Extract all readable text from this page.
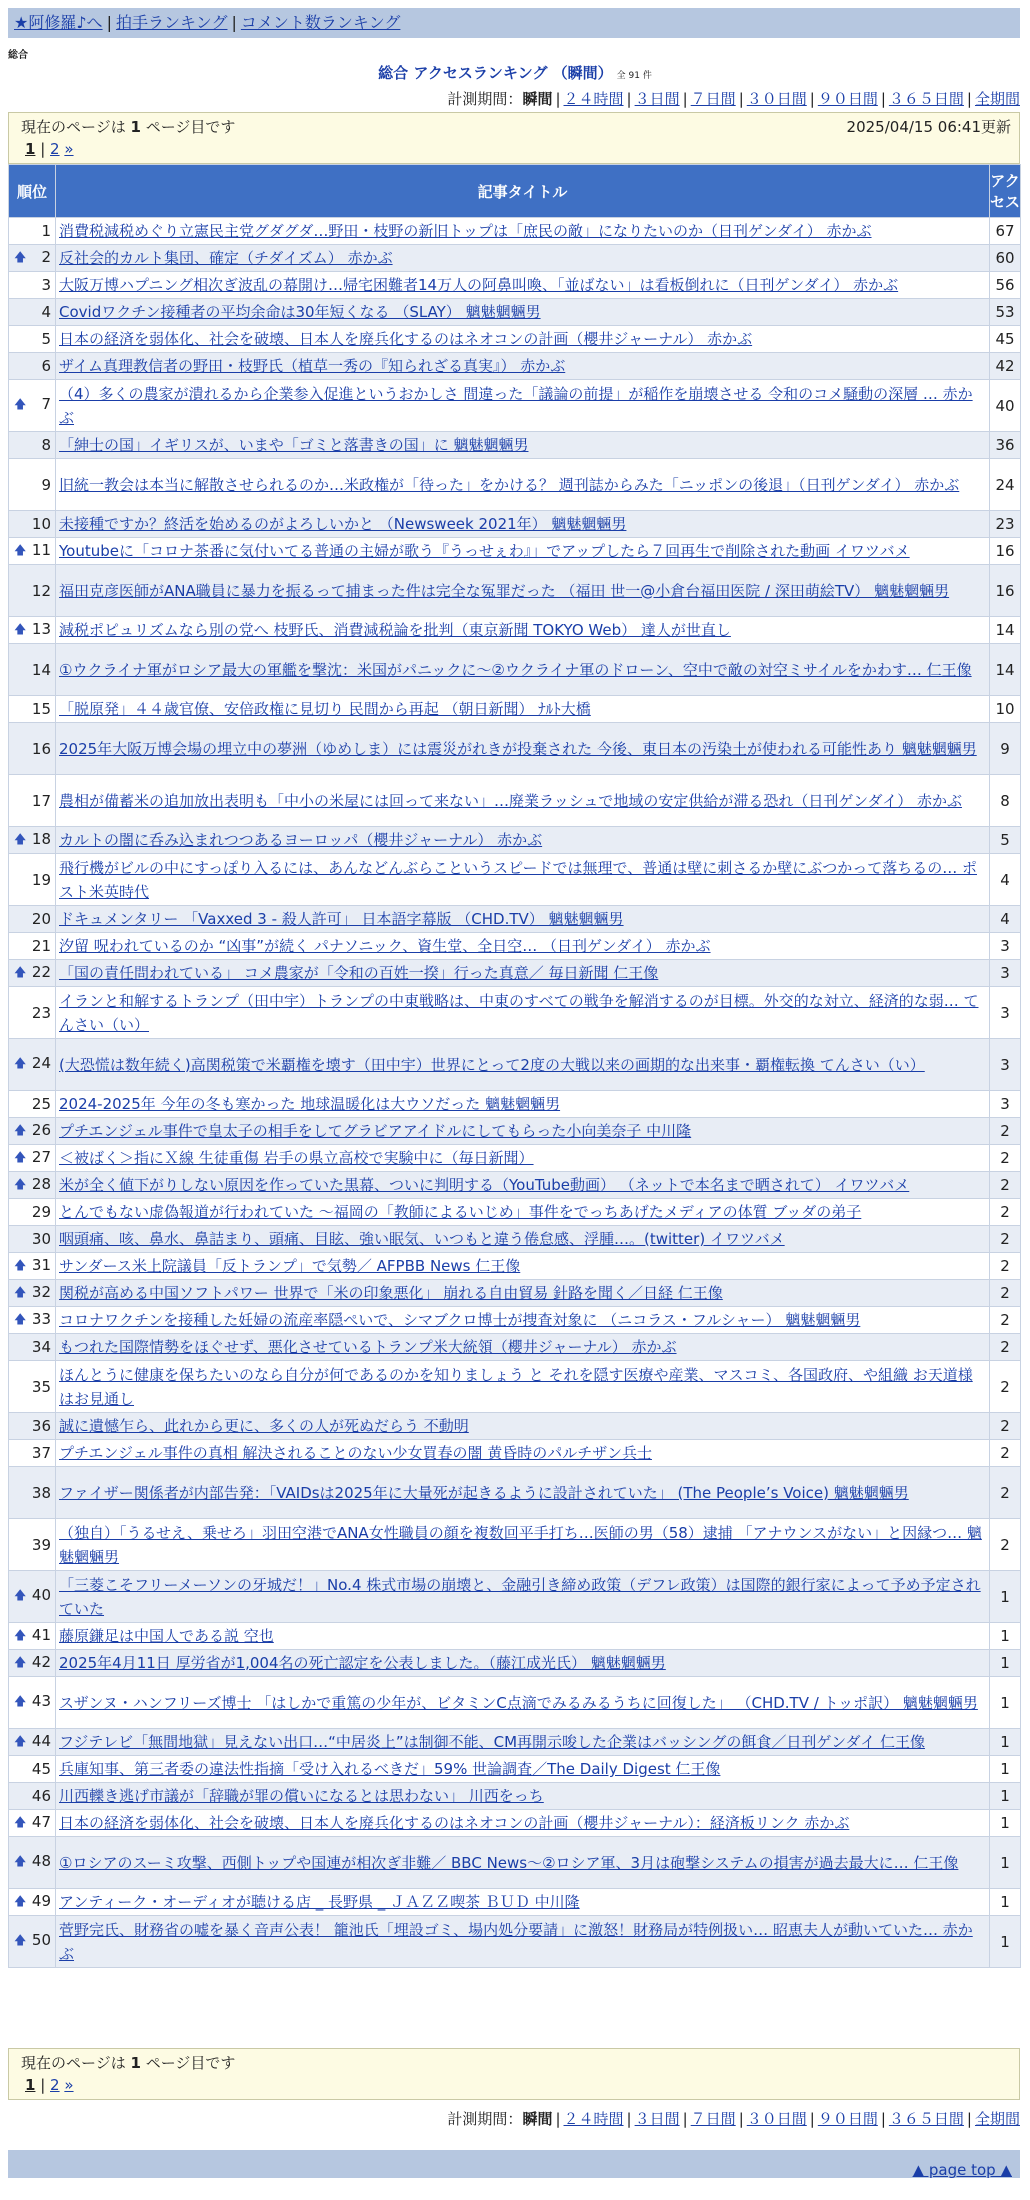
★阿修羅♪へ | 拍手ランキング | コメント数ランキング
総合
総合 アクセスランキング （瞬間） 全 91 件
計測期間：瞬間 | ２４時間 | ３日間 | ７日間 | ３０日間 | ９０日間 | ３６５日間 | 全期間
現在のページは 1 ページ目です	2025/04/15 06:41更新
1 | 2 »
順位	記事タイトル	アクセス
1	消費税減税めぐり立憲民主党グダグダ…野田・枝野の新旧トップは「庶民の敵」になりたいのか（日刊ゲンダイ） 赤かぶ	67

🡅 2	反社会的カルト集団、確定（チダイズム） 赤かぶ	60
3	大阪万博ハプニング相次ぎ波乱の幕開け…帰宅困難者14万人の阿鼻叫喚、「並ばない」は看板倒れに（日刊ゲンダイ） 赤かぶ	56
4	Covidワクチン接種者の平均余命は30年短くなる （SLAY） 魑魅魍魎男	53
5	日本の経済を弱体化、社会を破壊、日本人を廃兵化するのはネオコンの計画（櫻井ジャーナル） 赤かぶ	45
6	ザイム真理教信者の野田・枝野氏（植草一秀の『知られざる真実』） 赤かぶ	42

🡅 7	（4）多くの農家が潰れるから企業参入促進というおかしさ 間違った「議論の前提」が稲作を崩壊させる 令和のコメ騒動の深層 … 赤かぶ	40
8	「紳士の国」イギリスが、いまや「ゴミと落書きの国」に 魑魅魍魎男	36
9	旧統一教会は本当に解散させられるのか…米政権が「待った」をかける？ 週刊誌からみた「ニッポンの後退」（日刊ゲンダイ） 赤かぶ	24
10	未接種ですか？終活を始めるのがよろしいかと （Newsweek 2021年） 魑魅魍魎男	23

🡅 11	Youtubeに「コロナ茶番に気付いてる普通の主婦が歌う『うっせぇわ』」でアップしたら７回再生で削除された動画 イワツバメ	16
12	福田克彦医師がANA職員に暴力を振るって捕まった件は完全な冤罪だった （福田 世一@小倉台福田医院 / 深田萌絵TV） 魑魅魍魎男	16

🡅 13	減税ポピュリズムなら別の党へ 枝野氏、消費減税論を批判（東京新聞 TOKYO Web） 達人が世直し	14
14	①ウクライナ軍がロシア最大の軍艦を撃沈：米国がパニックに～②ウクライナ軍のドローン、空中で敵の対空ミサイルをかわす… 仁王像	14
15	「脱原発」４４歳官僚、安倍政権に見切り 民間から再起 （朝日新聞） ﾅﾙﾄ大橋	10
16	2025年大阪万博会場の埋立中の夢洲（ゆめしま）には震災がれきが投棄された 今後、東日本の汚染土が使われる可能性あり 魑魅魍魎男	9
17	農相が備蓄米の追加放出表明も「中小の米屋には回って来ない」…廃業ラッシュで地域の安定供給が滞る恐れ（日刊ゲンダイ） 赤かぶ	8

🡅 18	カルトの闇に呑み込まれつつあるヨーロッパ（櫻井ジャーナル） 赤かぶ	5
19	飛行機がビルの中にすっぽり入るには、あんなどんぶらこというスピードでは無理で、普通は壁に刺さるか壁にぶつかって落ちるの… ポスト米英時代	4
20	ドキュメンタリー 「Vaxxed 3 - 殺人許可」 日本語字幕版 （CHD.TV） 魑魅魍魎男	4
21	汐留 呪われているのか “凶事”が続く パナソニック、資生堂、全日空… （日刊ゲンダイ） 赤かぶ	3

🡅 22	「国の責任問われている」 コメ農家が「令和の百姓一揆」行った真意／ 毎日新聞 仁王像	3
23	イランと和解するトランプ（田中宇）トランプの中東戦略は、中東のすべての戦争を解消するのが目標。外交的な対立、経済的な弱… てんさい（い）	3

🡅 24	(大恐慌は数年続く)高関税策で米覇権を壊す（田中宇）世界にとって2度の大戦以来の画期的な出来事・覇権転換 てんさい（い）	3
25	2024-2025年 今年の冬も寒かった 地球温暖化は大ウソだった 魑魅魍魎男	3

🡅 26	プチエンジェル事件で皇太子の相手をしてグラビアアイドルにしてもらった小向美奈子 中川隆	2

🡅 27	＜被ばく＞指にＸ線 生徒重傷 岩手の県立高校で実験中に（毎日新聞）	2

🡅 28	米が全く値下がりしない原因を作っていた黒幕、ついに判明する（YouTube動画） （ネットで本名まで晒されて） イワツバメ	2
29	とんでもない虚偽報道が行われていた ～福岡の「教師によるいじめ」事件をでっちあげたメディアの体質 ブッダの弟子	2
30	咽頭痛、咳、鼻水、鼻詰まり、頭痛、目眩、強い眠気、いつもと違う倦怠感、浮腫…。(twitter) イワツバメ	2

🡅 31	サンダース米上院議員「反トランプ」で気勢／ AFPBB News 仁王像	2

🡅 32	関税が高める中国ソフトパワー 世界で「米の印象悪化」 崩れる自由貿易 針路を聞く／日経 仁王像	2

🡅 33	コロナワクチンを接種した妊婦の流産率隠ぺいで、シマブクロ博士が捜査対象に （ニコラス・フルシャー） 魑魅魍魎男	2
34	もつれた国際情勢をほぐせず、悪化させているトランプ米大統領（櫻井ジャーナル） 赤かぶ	2
35	ほんとうに健康を保ちたいのなら自分が何であるのかを知りましょう と それを隠す医療や産業、マスコミ、各国政府、や組織 お天道様はお見通し	2
36	誠に遺憾乍ら、此れから更に、多くの人が死ぬだらう 不動明	2
37	プチエンジェル事件の真相 解決されることのない少女買春の闇 黄昏時のパルチザン兵士	2
38	ファイザー関係者が内部告発：「VAIDsは2025年に大量死が起きるように設計されていた」 (The People’s Voice) 魑魅魍魎男	2
39	（独自）「うるせえ、乗せろ」羽田空港でANA女性職員の顔を複数回平手打ち…医師の男（58）逮捕 「アナウンスがない」と因縁つ… 魑魅魍魎男	2

🡅 40	「三菱こそフリーメーソンの牙城だ！」No.4 株式市場の崩壊と、金融引き締め政策（デフレ政策）は国際的銀行家によって予め予定されていた	1

🡅 41	藤原鎌足は中国人である説 空也	1

🡅 42	2025年4月11日 厚労省が1,004名の死亡認定を公表しました。（藤江成光氏） 魑魅魍魎男	1

🡅 43	スザンヌ・ハンフリーズ博士 「はしかで重篤の少年が、ビタミンC点滴でみるみるうちに回復した」 （CHD.TV / トッポ訳） 魑魅魍魎男	1

🡅 44	フジテレビ「無間地獄」見えない出口…“中居炎上”は制御不能、CM再開示唆した企業はバッシングの餌食／日刊ゲンダイ 仁王像	1
45	兵庫知事、第三者委の違法性指摘「受け入れるべきだ」59% 世論調査／The Daily Digest 仁王像	1
46	川西轢き逃げ市議が「辞職が罪の償いになるとは思わない」 川西をっち	1

🡅 47	日本の経済を弱体化、社会を破壊、日本人を廃兵化するのはネオコンの計画（櫻井ジャーナル）：経済板リンク 赤かぶ	1

🡅 48	①ロシアのスーミ攻撃、西側トップや国連が相次ぎ非難／ BBC News～②ロシア軍、3月は砲撃システムの損害が過去最大に… 仁王像	1

🡅 49	アンティーク・オーディオが聴ける店 _ 長野県 _ ＪＡＺＺ喫茶 ＢＵＤ 中川隆	1

🡅 50	菅野完氏、財務省の嘘を暴く音声公表！ 籠池氏「埋設ゴミ、場内処分要請」に激怒！財務局が特例扱い… 昭恵夫人が動いていた… 赤かぶ	1
現在のページは 1 ページ目です
1 | 2 »
計測期間：瞬間 | ２４時間 | ３日間 | ７日間 | ３０日間 | ９０日間 | ３６５日間 | 全期間
▲ page top ▲
